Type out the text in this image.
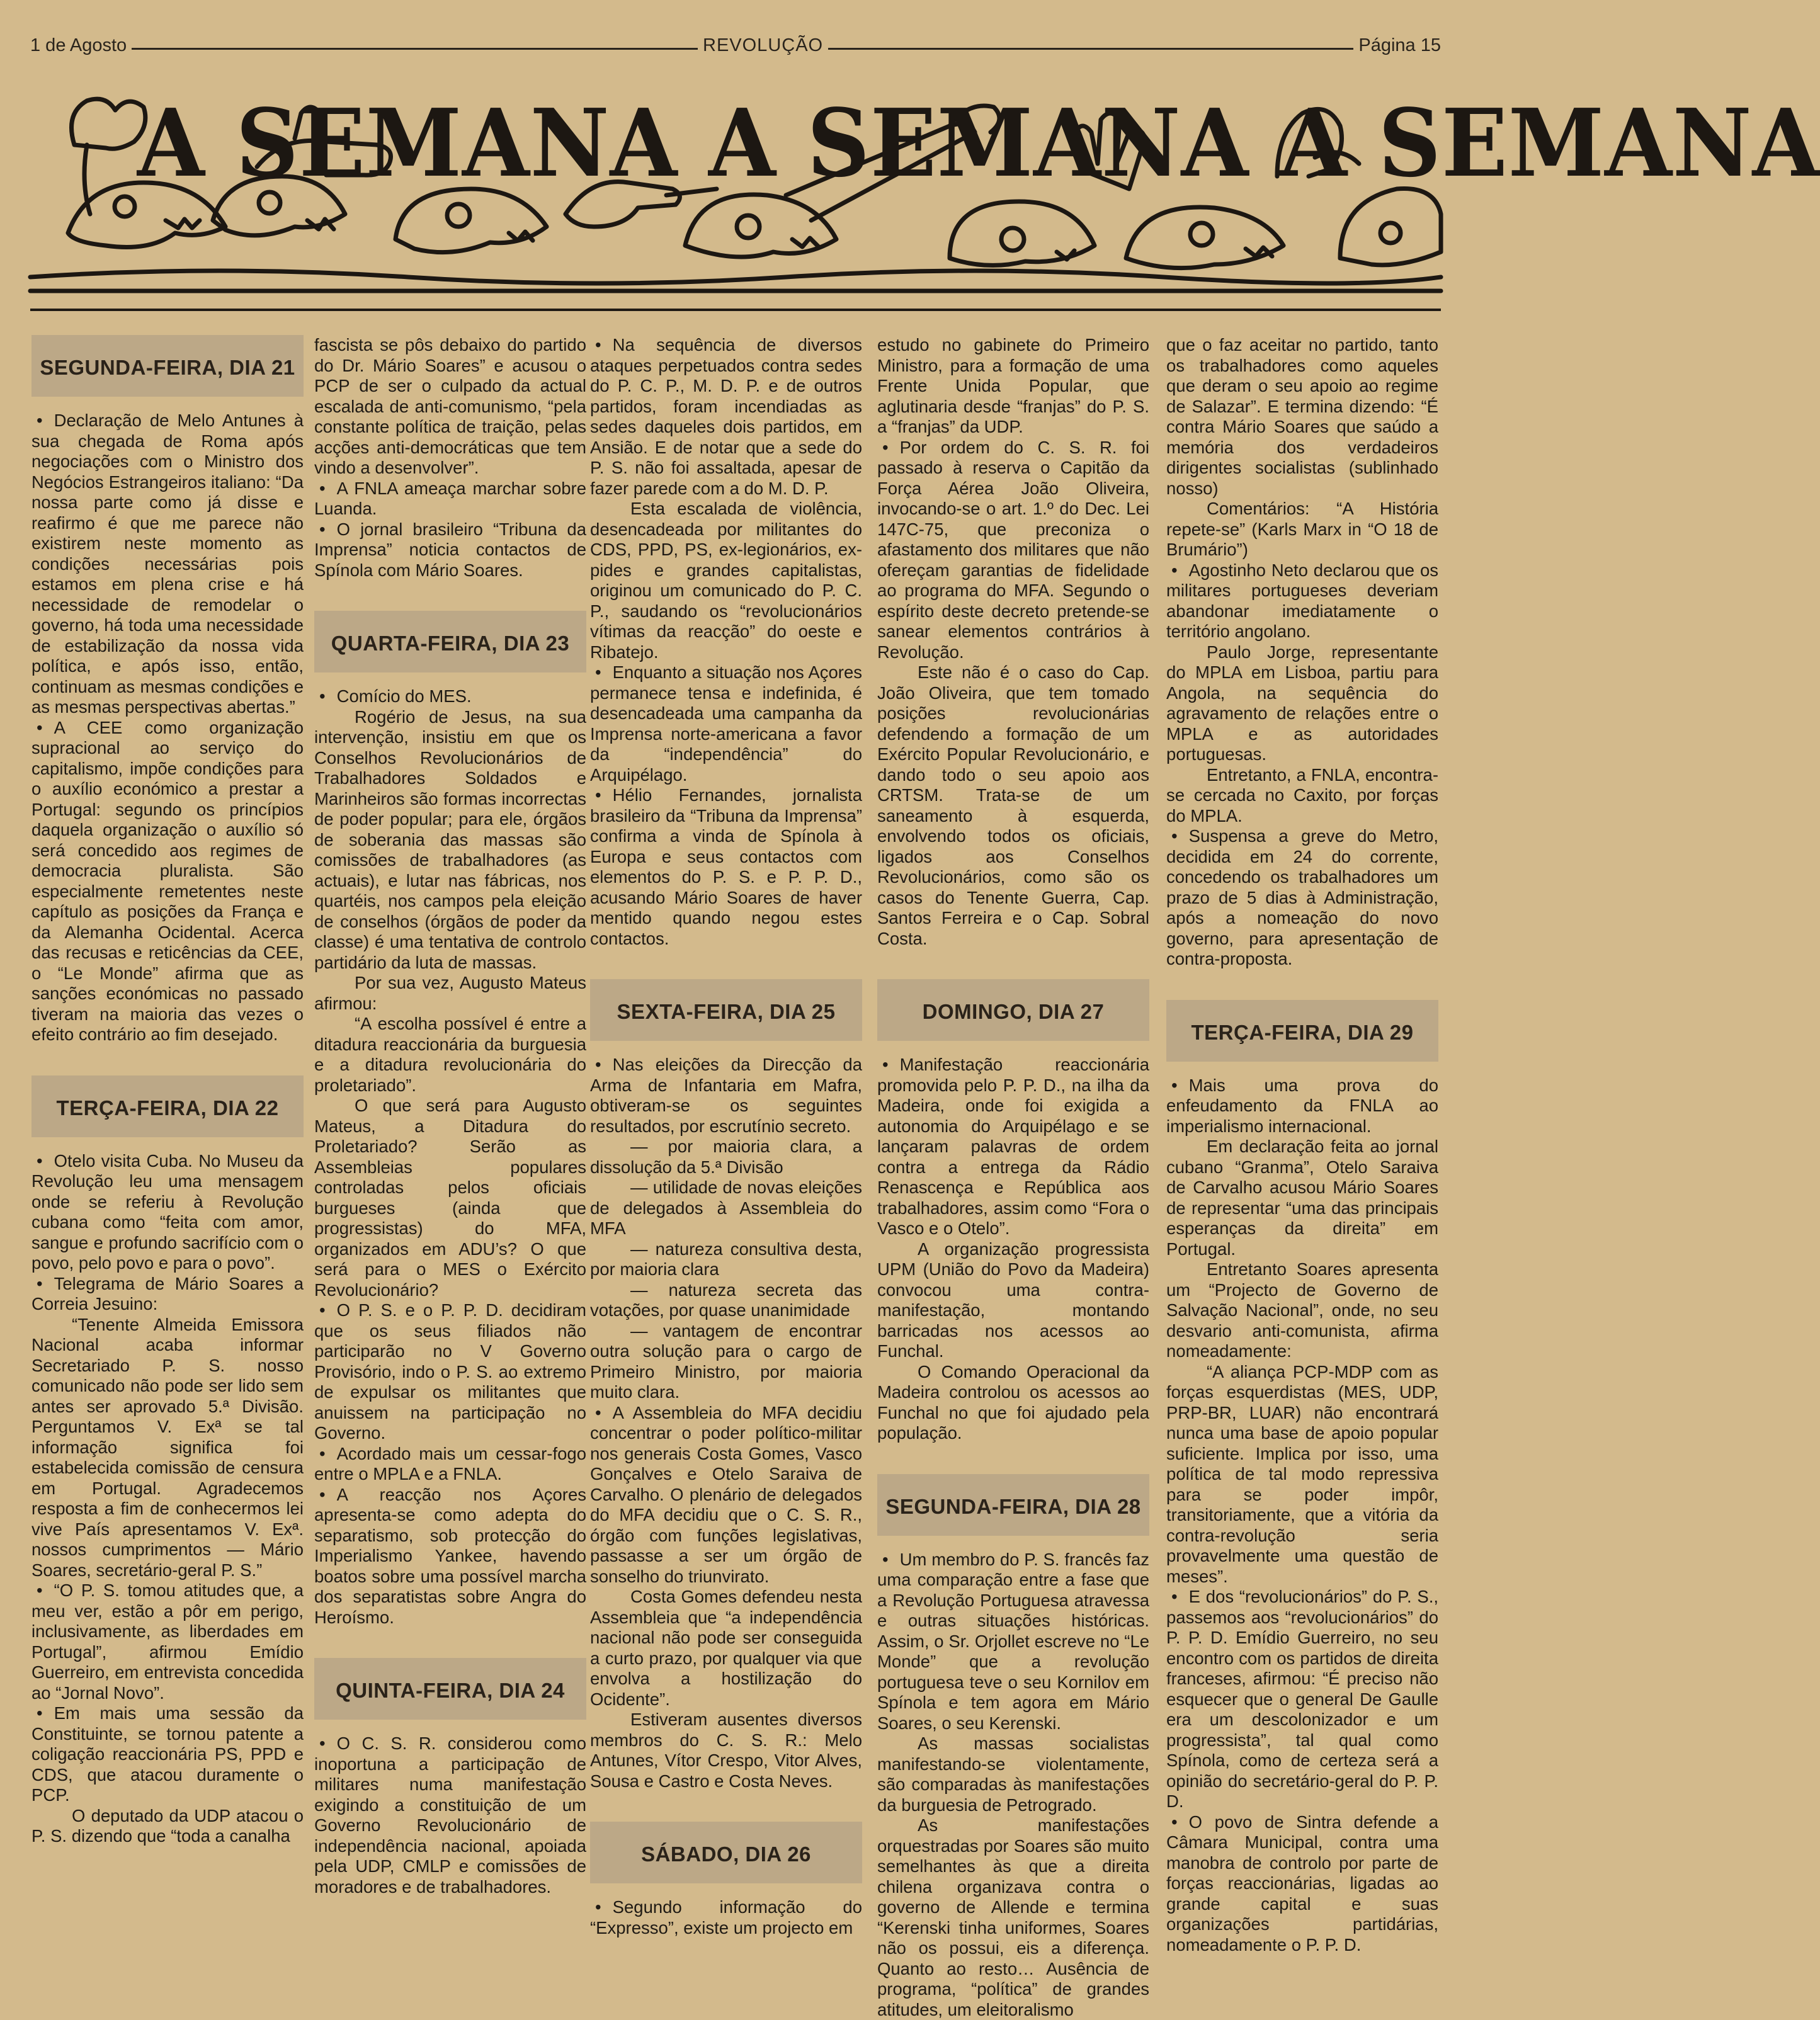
1 de Agosto	REVOLUÇÃO	Página 15
A SEMANA A SEMANA A SEMANA
SEGUNDA-FEIRA, DIA 21

• Declaração de Melo Antunes à sua chegada de Roma após negociações com o Ministro dos Negócios Estrangeiros italiano: “Da nossa parte como já disse e reafirmo é que me parece não existirem neste momento as condições necessárias pois estamos em plena crise e há necessidade de remodelar o governo, há toda uma necessidade de estabilização da nossa vida política, e após isso, então, continuam as mesmas condições e as mesmas perspectivas abertas.”

• A CEE como organização supracional ao serviço do capitalismo, impõe condições para o auxílio económico a prestar a Portugal: segundo os princípios daquela organização o auxílio só será concedido aos regimes de democracia pluralista. São especialmente remetentes neste capítulo as posições da França e da Alemanha Ocidental. Acerca das recusas e reticências da CEE, o “Le Monde” afirma que as sanções económicas no passado tiveram na maioria das vezes o efeito contrário ao fim desejado.

TERÇA-FEIRA, DIA 22

• Otelo visita Cuba. No Museu da Revolução leu uma mensagem onde se referiu à Revolução cubana como “feita com amor, sangue e profundo sacrifício com o povo, pelo povo e para o povo”.

• Telegrama de Mário Soares a Correia Jesuino:

“Tenente Almeida Emissora Nacional acaba informar Secretariado P. S. nosso comunicado não pode ser lido sem antes ser aprovado 5.ª Divisão. Perguntamos V. Exª se tal informação significa foi estabelecida comissão de censura em Portugal. Agradecemos resposta a fim de conhecermos lei vive País apresentamos V. Exª. nossos cumprimentos — Mário Soares, secretário-geral P. S.”

• “O P. S. tomou atitudes que, a meu ver, estão a pôr em perigo, inclusivamente, as liberdades em Portugal”, afirmou Emídio Guerreiro, em entrevista concedida ao “Jornal Novo”.

• Em mais uma sessão da Constituinte, se tornou patente a coligação reaccionária PS, PPD e CDS, que atacou duramente o PCP.

O deputado da UDP atacou o P. S. dizendo que “toda a canalha

fascista se pôs debaixo do partido do Dr. Mário Soares” e acusou o PCP de ser o culpado da actual escalada de anti-comunismo, “pela constante política de traição, pelas acções anti-democráticas que tem vindo a desenvolver”.

• A FNLA ameaça marchar sobre Luanda.

• O jornal brasileiro “Tribuna da Imprensa” noticia contactos de Spínola com Mário Soares.

QUARTA-FEIRA, DIA 23

• Comício do MES.

Rogério de Jesus, na sua intervenção, insistiu em que os Conselhos Revolucionários de Trabalhadores Soldados e Marinheiros são formas incorrectas de poder popular; para ele, órgãos de soberania das massas são comissões de trabalhadores (as actuais), e lutar nas fábricas, nos quartéis, nos campos pela eleição de conselhos (órgãos de poder da classe) é uma tentativa de controlo partidário da luta de massas.

Por sua vez, Augusto Mateus afirmou:

“A escolha possível é entre a ditadura reaccionária da burguesia e a ditadura revolucionária do proletariado”.

O que será para Augusto Mateus, a Ditadura do Proletariado? Serão as Assembleias populares controladas pelos oficiais burgueses (ainda que progressistas) do MFA, organizados em ADU’s? O que será para o MES o Exército Revolucionário?

• O P. S. e o P. P. D. decidiram que os seus filiados não participarão no V Governo Provisório, indo o P. S. ao extremo de expulsar os militantes que anuissem na participação no Governo.

• Acordado mais um cessar-fogo entre o MPLA e a FNLA.

• A reacção nos Açores apresenta-se como adepta do separatismo, sob protecção do Imperialismo Yankee, havendo boatos sobre uma possível marcha dos separatistas sobre Angra do Heroísmo.

QUINTA-FEIRA, DIA 24

• O C. S. R. considerou como inoportuna a participação de militares numa manifestação exigindo a constituição de um Governo Revolucionário de independência nacional, apoiada pela UDP, CMLP e comissões de moradores e de trabalhadores.

• Na sequência de diversos ataques perpetuados contra sedes do P. C. P., M. D. P. e de outros partidos, foram incendiadas as sedes daqueles dois partidos, em Ansião. E de notar que a sede do P. S. não foi assaltada, apesar de fazer parede com a do M. D. P.

Esta escalada de violência, desencadeada por militantes do CDS, PPD, PS, ex-legionários, ex-pides e grandes capitalistas, originou um comunicado do P. C. P., saudando os “revolucionários vítimas da reacção” do oeste e Ribatejo.

• Enquanto a situação nos Açores permanece tensa e indefinida, é desencadeada uma campanha da Imprensa norte-americana a favor da “independência” do Arquipélago.

• Hélio Fernandes, jornalista brasileiro da “Tribuna da Imprensa” confirma a vinda de Spínola à Europa e seus contactos com elementos do P. S. e P. P. D., acusando Mário Soares de haver mentido quando negou estes contactos.

SEXTA-FEIRA, DIA 25

• Nas eleições da Direcção da Arma de Infantaria em Mafra, obtiveram-se os seguintes resultados, por escrutínio secreto.

— por maioria clara, a dissolução da 5.ª Divisão

— utilidade de novas eleições de delegados à Assembleia do MFA

— natureza consultiva desta, por maioria clara

— natureza secreta das votações, por quase unanimidade

— vantagem de encontrar outra solução para o cargo de Primeiro Ministro, por maioria muito clara.

• A Assembleia do MFA decidiu concentrar o poder político-militar nos generais Costa Gomes, Vasco Gonçalves e Otelo Saraiva de Carvalho. O plenário de delegados do MFA decidiu que o C. S. R., órgão com funções legislativas, passasse a ser um órgão de sonselho do triunvirato.

Costa Gomes defendeu nesta Assembleia que “a independência nacional não pode ser conseguida a curto prazo, por qualquer via que envolva a hostilização do Ocidente”.

Estiveram ausentes diversos membros do C. S. R.: Melo Antunes, Vítor Crespo, Vitor Alves, Sousa e Castro e Costa Neves.

SÁBADO, DIA 26

• Segundo informação do “Expresso”, existe um projecto em

estudo no gabinete do Primeiro Ministro, para a formação de uma Frente Unida Popular, que aglutinaria desde “franjas” do P. S. a “franjas” da UDP.

• Por ordem do C. S. R. foi passado à reserva o Capitão da Força Aérea João Oliveira, invocando-se o art. 1.º do Dec. Lei 147C-75, que preconiza o afastamento dos militares que não ofereçam garantias de fidelidade ao programa do MFA. Segundo o espírito deste decreto pretende-se sanear elementos contrários à Revolução.

Este não é o caso do Cap. João Oliveira, que tem tomado posições revolucionárias defendendo a formação de um Exército Popular Revolucionário, e dando todo o seu apoio aos CRTSM. Trata-se de um saneamento à esquerda, envolvendo todos os oficiais, ligados aos Conselhos Revolucionários, como são os casos do Tenente Guerra, Cap. Santos Ferreira e o Cap. Sobral Costa.

DOMINGO, DIA 27

• Manifestação reaccionária promovida pelo P. P. D., na ilha da Madeira, onde foi exigida a autonomia do Arquipélago e se lançaram palavras de ordem contra a entrega da Rádio Renascença e República aos trabalhadores, assim como “Fora o Vasco e o Otelo”.

A organização progressista UPM (União do Povo da Madeira) convocou uma contra-manifestação, montando barricadas nos acessos ao Funchal.

O Comando Operacional da Madeira controlou os acessos ao Funchal no que foi ajudado pela população.

SEGUNDA-FEIRA, DIA 28

• Um membro do P. S. francês faz uma comparação entre a fase que a Revolução Portuguesa atravessa e outras situações históricas. Assim, o Sr. Orjollet escreve no “Le Monde” que a revolução portuguesa teve o seu Kornilov em Spínola e tem agora em Mário Soares, o seu Kerenski.

As massas socialistas manifestando-se violentamente, são comparadas às manifestações da burguesia de Petrogrado.

As manifestações orquestradas por Soares são muito semelhantes às que a direita chilena organizava contra o governo de Allende e termina “Kerenski tinha uniformes, Soares não os possui, eis a diferença. Quanto ao resto… Ausência de programa, “política” de grandes atitudes, um eleitoralismo

que o faz aceitar no partido, tanto os trabalhadores como aqueles que deram o seu apoio ao regime de Salazar”. E termina dizendo: “É contra Mário Soares que saúdo a memória dos verdadeiros dirigentes socialistas (sublinhado nosso)

Comentários: “A História repete-se” (Karls Marx in “O 18 de Brumário”)

• Agostinho Neto declarou que os militares portugueses deveriam abandonar imediatamente o território angolano.

Paulo Jorge, representante do MPLA em Lisboa, partiu para Angola, na sequência do agravamento de relações entre o MPLA e as autoridades portuguesas.

Entretanto, a FNLA, encontra-se cercada no Caxito, por forças do MPLA.

• Suspensa a greve do Metro, decidida em 24 do corrente, concedendo os trabalhadores um prazo de 5 dias à Administração, após a nomeação do novo governo, para apresentação de contra-proposta.

TERÇA-FEIRA, DIA 29

• Mais uma prova do enfeudamento da FNLA ao imperialismo internacional.

Em declaração feita ao jornal cubano “Granma”, Otelo Saraiva de Carvalho acusou Mário Soares de representar “uma das principais esperanças da direita” em Portugal.

Entretanto Soares apresenta um “Projecto de Governo de Salvação Nacional”, onde, no seu desvario anti-comunista, afirma nomeadamente:

“A aliança PCP-MDP com as forças esquerdistas (MES, UDP, PRP-BR, LUAR) não encontrará nunca uma base de apoio popular suficiente. Implica por isso, uma política de tal modo repressiva para se poder impôr, transitoriamente, que a vitória da contra-revolução seria provavelmente uma questão de meses”.

• E dos “revolucionários” do P. S., passemos aos “revolucionários” do P. P. D. Emídio Guerreiro, no seu encontro com os partidos de direita franceses, afirmou: “É preciso não esquecer que o general De Gaulle era um descolonizador e um progressista”, tal qual como Spínola, como de certeza será a opinião do secretário-geral do P. P. D.

• O povo de Sintra defende a Câmara Municipal, contra uma manobra de controlo por parte de forças reaccionárias, ligadas ao grande capital e suas organizações partidárias, nomeadamente o P. P. D.
